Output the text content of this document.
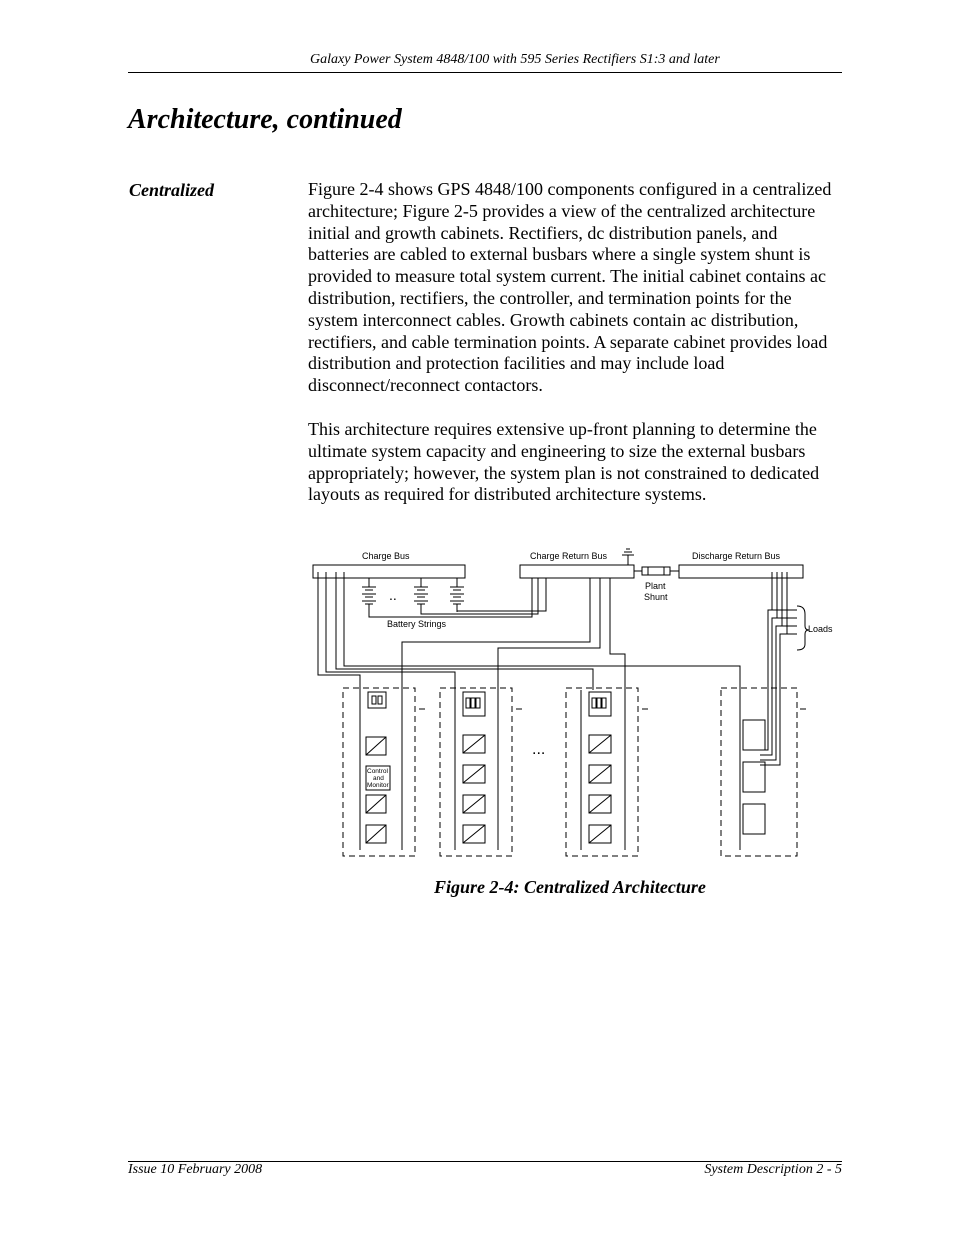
Galaxy Power System 4848/100 with 595 Series Rectifiers S1:3 and later
Architecture, continued
Centralized	Figure 2-4 shows GPS 4848/100 components configured in a centralized architecture; Figure 2-5 provides a view of the centralized architecture initial and growth cabinets. Rectifiers, dc distribution panels, and batteries are cabled to external busbars where a single system shunt is provided to measure total system current. The initial cabinet contains ac distribution, rectifiers, the controller, and termination points for the system interconnect cables. Growth cabinets contain ac distribution, rectifiers, and cable termination points. A separate cabinet provides load distribution and protection facilities and may include load disconnect/reconnect contactors.

This architecture requires extensive up-front planning to determine the ultimate system capacity and engineering to size the external busbars appropriately; however, the system plan is not constrained to dedicated layouts as required for distributed architecture systems.

Charge Bus	Charge Return Bus	Discharge Return Bus
Plant
Shunt
..
Battery Strings	Loads
Control
and
Monitor
...
Figure 2-4: Centralized Architecture
Issue 10 February 2008	System Description 2 - 5
